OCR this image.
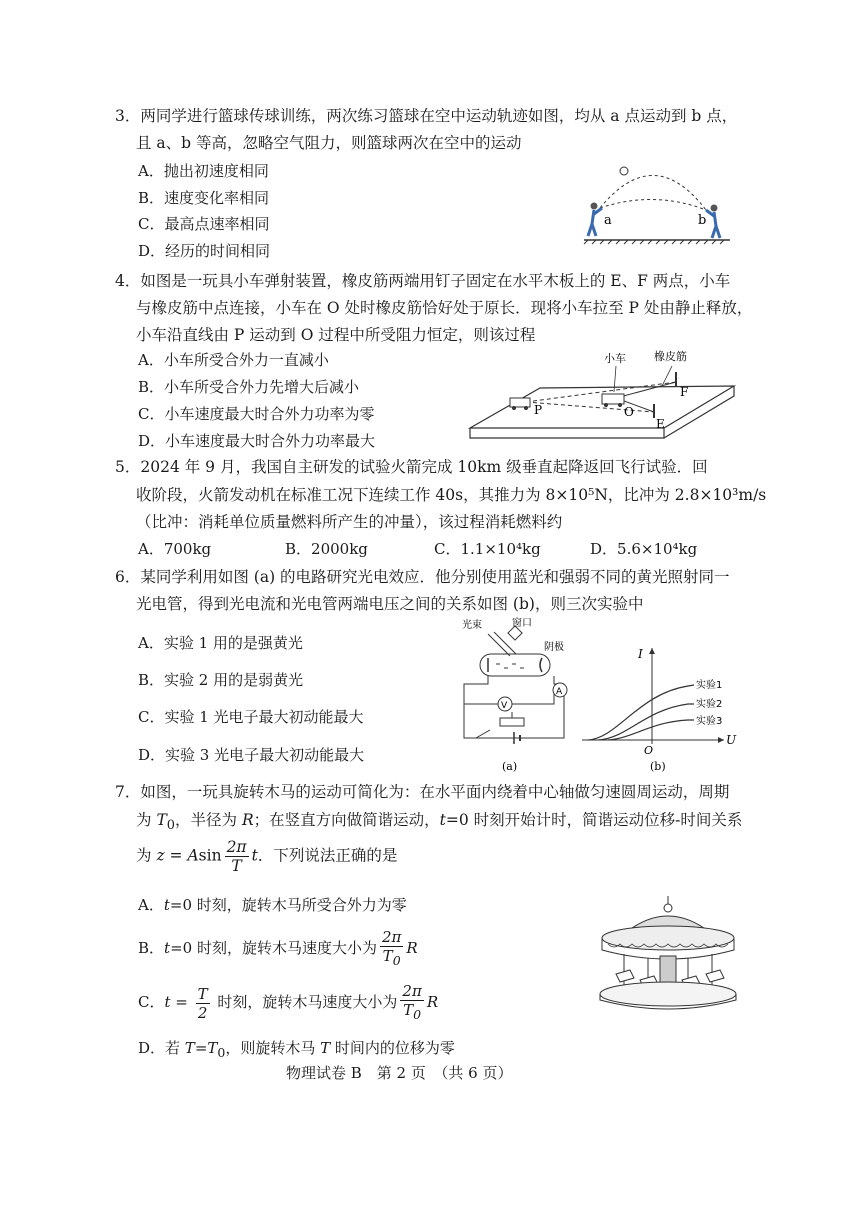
3．两同学进行篮球传球训练，两次练习篮球在空中运动轨迹如图，均从 a 点运动到 b 点，
且 a、b 等高，忽略空气阻力，则篮球两次在空中的运动
A．抛出初速度相同
B．速度变化率相同
C．最高点速率相同
D．经历的时间相同
a	b
4．如图是一玩具小车弹射装置，橡皮筋两端用钉子固定在水平木板上的 E、F 两点，小车
与橡皮筋中点连接，小车在 O 处时橡皮筋恰好处于原长．现将小车拉至 P 处由静止释放，
小车沿直线由 P 运动到 O 过程中所受阻力恒定，则该过程
A．小车所受合外力一直减小
B．小车所受合外力先增大后减小
C．小车速度最大时合外力功率为零
D．小车速度最大时合外力功率最大
小车	橡皮筋
P	O
E
F
5．2024 年 9 月，我国自主研发的试验火箭完成 10km 级垂直起降返回飞行试验．回
收阶段，火箭发动机在标准工况下连续工作 40s，其推力为 8×10⁵N，比冲为 2.8×10³m/s
（比冲：消耗单位质量燃料所产生的冲量），该过程消耗燃料约
A．700kg	B．2000kg	C．1.1×10⁴kg	D．5.6×10⁴kg
6．某同学利用如图 (a) 的电路研究光电效应．他分别使用蓝光和强弱不同的黄光照射同一
光电管，得到光电流和光电管两端电压之间的关系如图 (b)，则三次实验中
A．实验 1 用的是强黄光
B．实验 2 用的是弱黄光
C．实验 1 光电子最大初动能最大
D．实验 3 光电子最大初动能最大
V
A
光束	窗口
阴极
(a)
I
U
O
实验1
实验2
实验3
(b)
7．如图，一玩具旋转木马的运动可简化为：在水平面内绕着中心轴做匀速圆周运动，周期
为 $T_0$，半径为 R；在竖直方向做简谐运动，t=0 时刻开始计时，简谐运动位移-时间关系
为 z = Asin $\frac{2\pi}{T}$ t．下列说法正确的是
A．t=0 时刻，旋转木马所受合外力为零
B．t=0 时刻，旋转木马速度大小为 $\frac{2\pi}{T_0}$ R
C．$t = \frac{T}{2}$ 时刻，旋转木马速度大小为 $\frac{2\pi}{T_0}$ R
D．若 $T=T_0$，则旋转木马 T 时间内的位移为零
物理试卷 B　第 2 页　（共 6 页）
